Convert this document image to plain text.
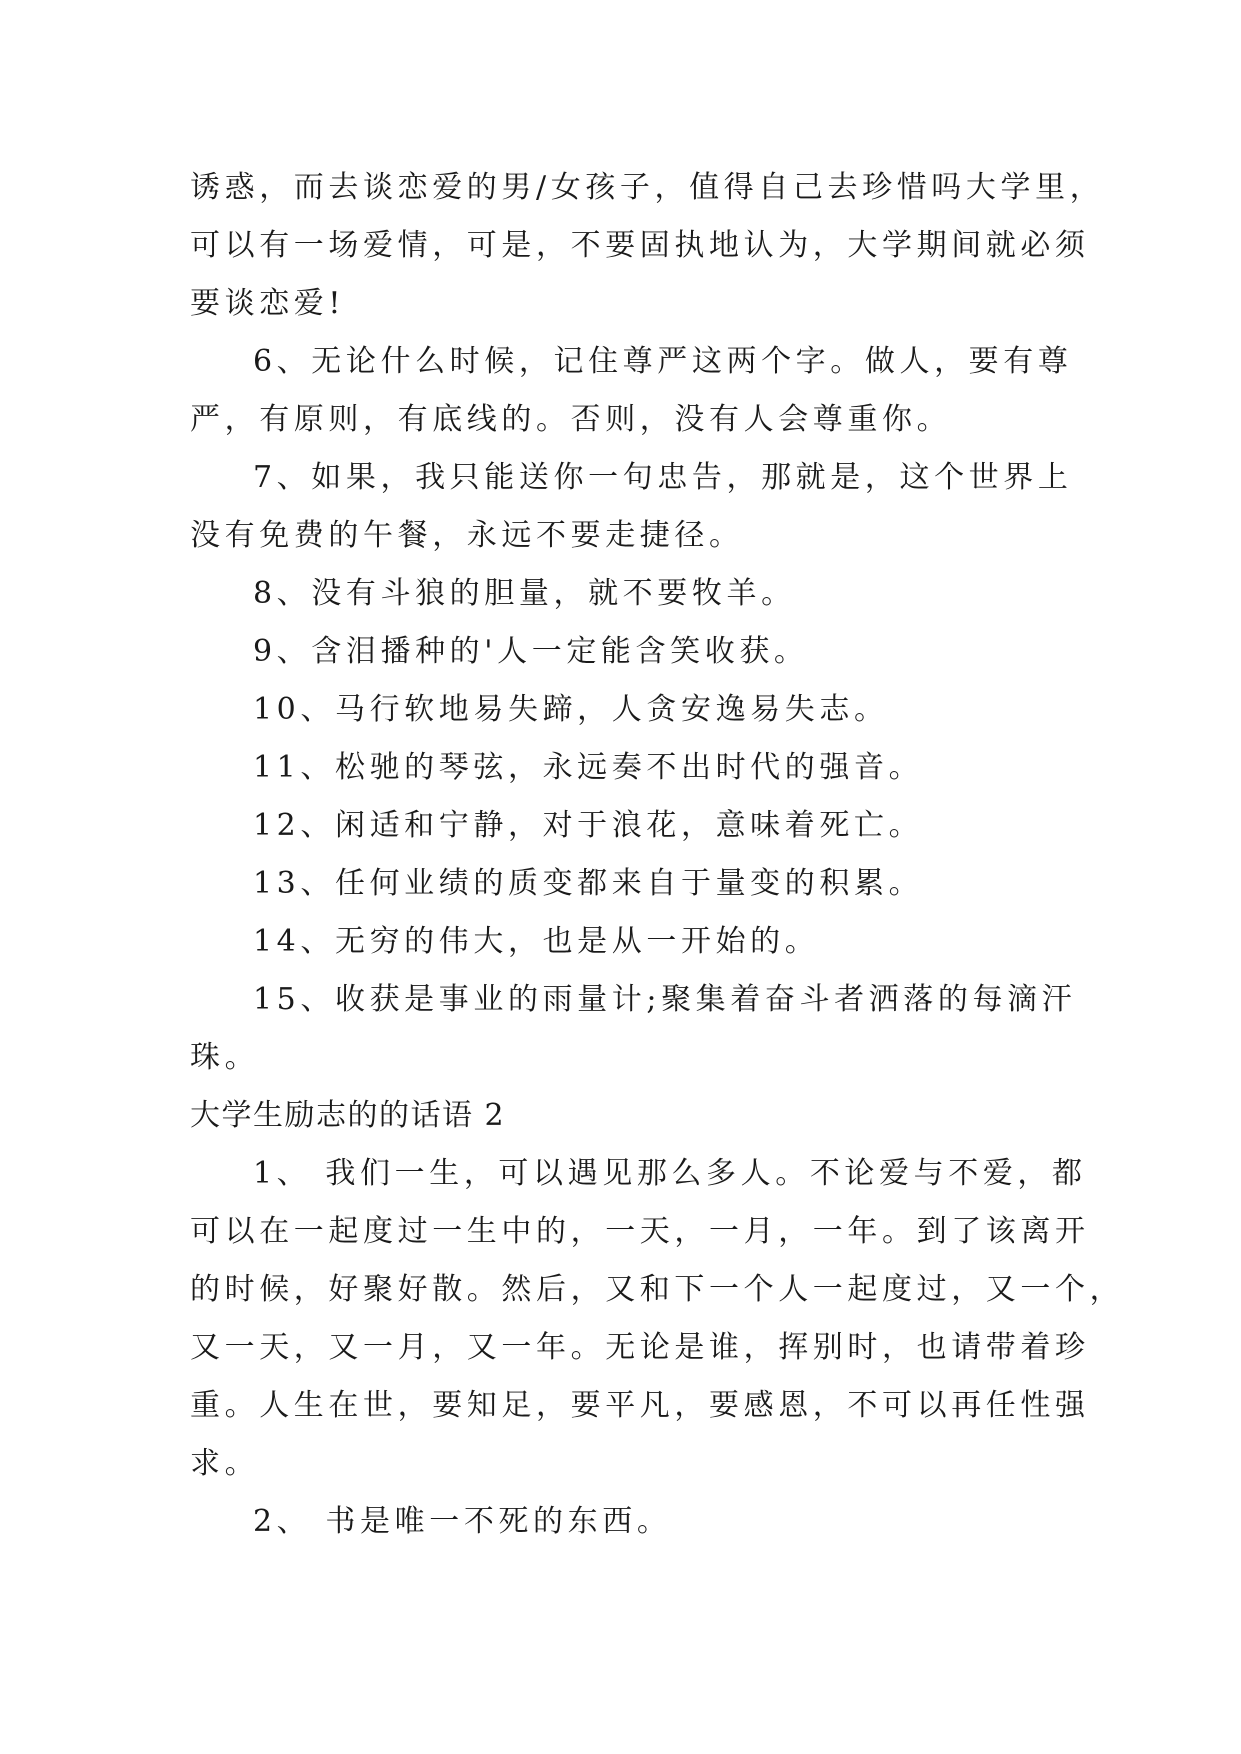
诱惑，而去谈恋爱的男/女孩子，值得自己去珍惜吗大学里，
可以有一场爱情，可是，不要固执地认为，大学期间就必须
要谈恋爱!
6、无论什么时候，记住尊严这两个字。做人，要有尊
严，有原则，有底线的。否则，没有人会尊重你。
7、如果，我只能送你一句忠告，那就是，这个世界上
没有免费的午餐，永远不要走捷径。
8、没有斗狼的胆量，就不要牧羊。
9、含泪播种的'人一定能含笑收获。
10、马行软地易失蹄，人贪安逸易失志。
11、松驰的琴弦，永远奏不出时代的强音。
12、闲适和宁静，对于浪花，意味着死亡。
13、任何业绩的质变都来自于量变的积累。
14、无穷的伟大，也是从一开始的。
15、收获是事业的雨量计;聚集着奋斗者洒落的每滴汗
珠。
大学生励志的的话语 2
1、 我们一生，可以遇见那么多人。不论爱与不爱，都
可以在一起度过一生中的，一天，一月，一年。到了该离开
的时候，好聚好散。然后，又和下一个人一起度过，又一个，
又一天，又一月，又一年。无论是谁，挥别时，也请带着珍
重。人生在世，要知足，要平凡，要感恩，不可以再任性强
求。
2、 书是唯一不死的东西。
